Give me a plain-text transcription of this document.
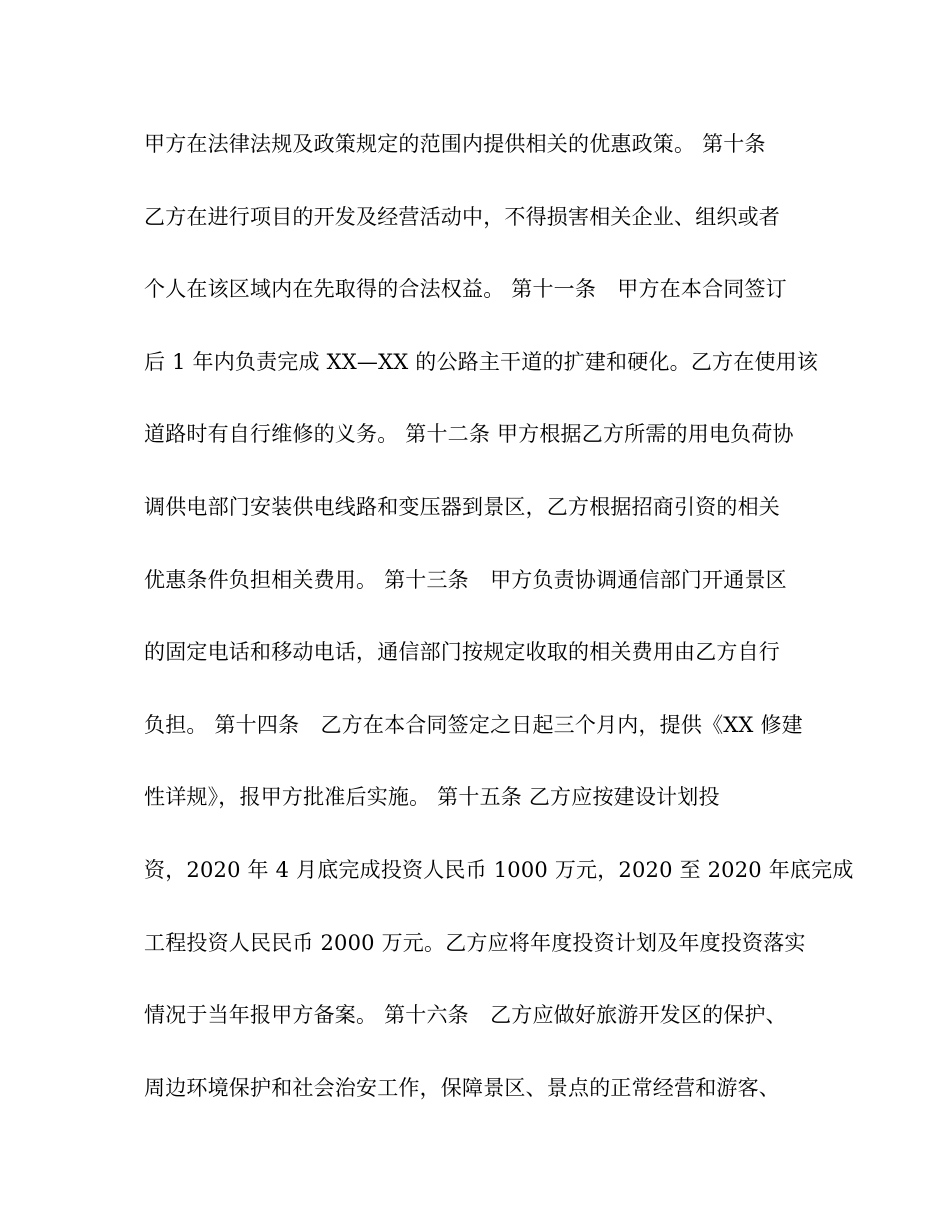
甲方在法律法规及政策规定的范围内提供相关的优惠政策。 第十条
乙方在进行项目的开发及经营活动中，不得损害相关企业、组织或者
个人在该区域内在先取得的合法权益。 第十一条　甲方在本合同签订
后 1 年内负责完成 XX—XX 的公路主干道的扩建和硬化。乙方在使用该
道路时有自行维修的义务。 第十二条 甲方根据乙方所需的用电负荷协
调供电部门安装供电线路和变压器到景区，乙方根据招商引资的相关
优惠条件负担相关费用。 第十三条　甲方负责协调通信部门开通景区
的固定电话和移动电话，通信部门按规定收取的相关费用由乙方自行
负担。 第十四条　乙方在本合同签定之日起三个月内，提供《XX 修建
性详规》，报甲方批准后实施。 第十五条 乙方应按建设计划投
资，2020 年 4 月底完成投资人民币 1000 万元，2020 至 2020 年底完成
工程投资人民民币 2000 万元。乙方应将年度投资计划及年度投资落实
情况于当年报甲方备案。 第十六条　乙方应做好旅游开发区的保护、
周边环境保护和社会治安工作，保障景区、景点的正常经营和游客、
